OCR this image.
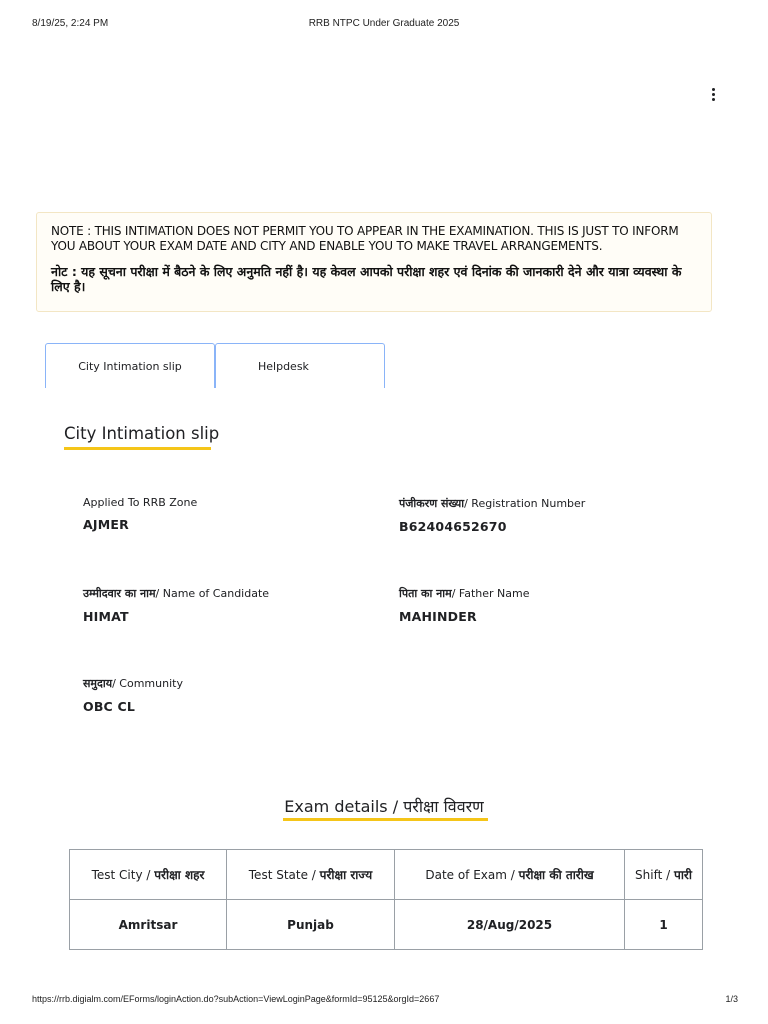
8/19/25, 2:24 PM	RRB NTPC Under Graduate 2025
NOTE : THIS INTIMATION DOES NOT PERMIT YOU TO APPEAR IN THE EXAMINATION. THIS IS JUST TO INFORM YOU ABOUT YOUR EXAM DATE AND CITY AND ENABLE YOU TO MAKE TRAVEL ARRANGEMENTS.
नोट : यह सूचना परीक्षा में बैठने के लिए अनुमति नहीं है। यह केवल आपको परीक्षा शहर एवं दिनांक की जानकारी देने और यात्रा व्यवस्था के लिए है।
City Intimation slip	Helpdesk
City Intimation slip
Applied To RRB Zone
AJMER
पंजीकरण संख्या/ Registration Number
B62404652670
उम्मीदवार का नाम/ Name of Candidate
HIMAT
पिता का नाम/ Father Name
MAHINDER
समुदाय/ Community
OBC CL
Exam details / परीक्षा विवरण
Test City / परीक्षा शहर	Test State / परीक्षा राज्य	Date of Exam / परीक्षा की तारीख	Shift / पारी
Amritsar	Punjab	28/Aug/2025	1
https://rrb.digialm.com/EForms/loginAction.do?subAction=ViewLoginPage&formId=95125&orgId=2667	1/3
